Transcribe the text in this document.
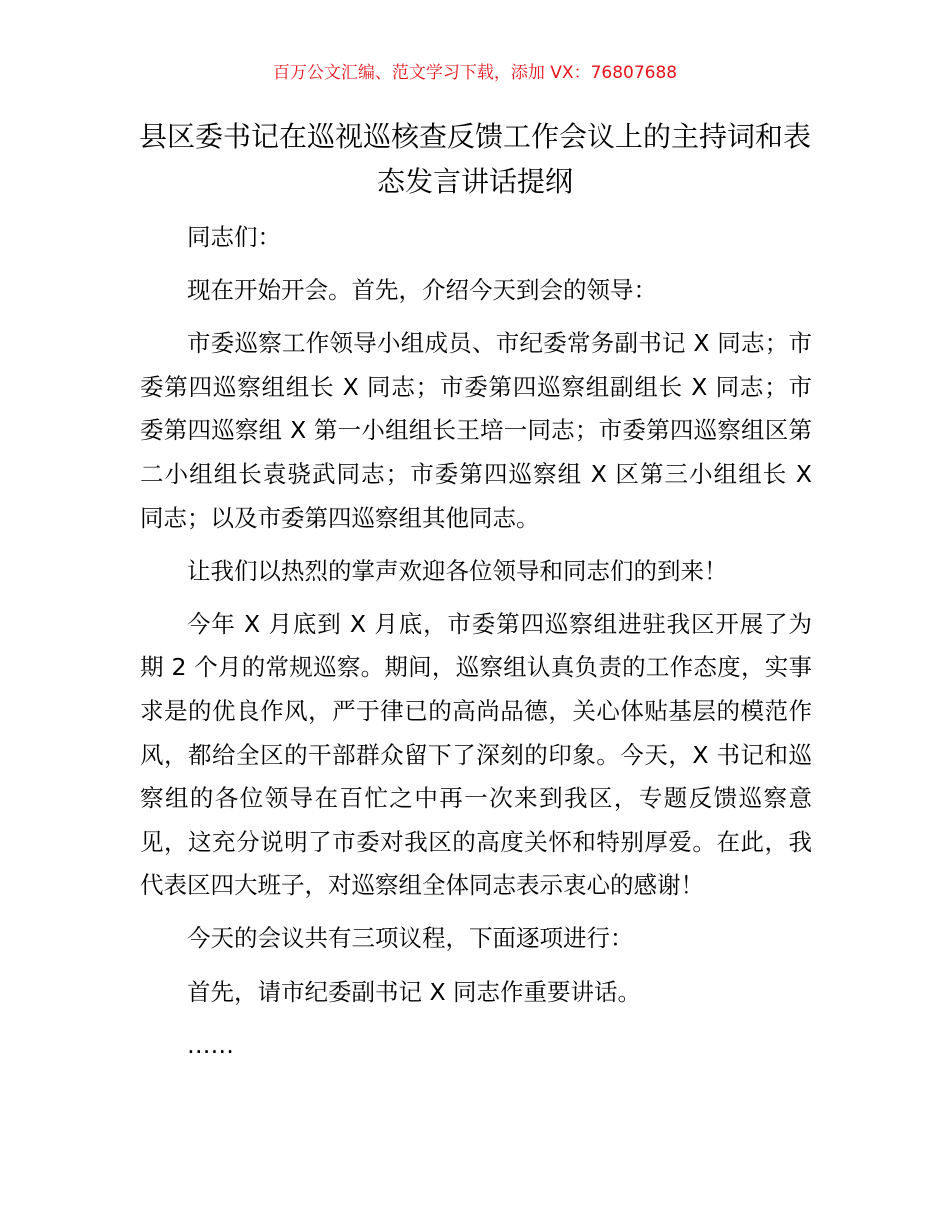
百万公文汇编、范文学习下载，添加 VX：76807688
县区委书记在巡视巡核查反馈工作会议上的主持词和表态发言讲话提纲

同志们：

现在开始开会。首先，介绍今天到会的领导：

市委巡察工作领导小组成员、市纪委常务副书记 X 同志；市委第四巡察组组长 X 同志；市委第四巡察组副组长 X 同志；市委第四巡察组 X 第一小组组长王培一同志；市委第四巡察组区第二小组组长袁骁武同志；市委第四巡察组 X 区第三小组组长 X 同志；以及市委第四巡察组其他同志。

让我们以热烈的掌声欢迎各位领导和同志们的到来！

今年 X 月底到 X 月底，市委第四巡察组进驻我区开展了为期 2 个月的常规巡察。期间，巡察组认真负责的工作态度，实事求是的优良作风，严于律已的高尚品德，关心体贴基层的模范作风，都给全区的干部群众留下了深刻的印象。今天，X 书记和巡察组的各位领导在百忙之中再一次来到我区，专题反馈巡察意见，这充分说明了市委对我区的高度关怀和特别厚爱。在此，我代表区四大班子，对巡察组全体同志表示衷心的感谢！

今天的会议共有三项议程，下面逐项进行：

首先，请市纪委副书记 X 同志作重要讲话。

……
